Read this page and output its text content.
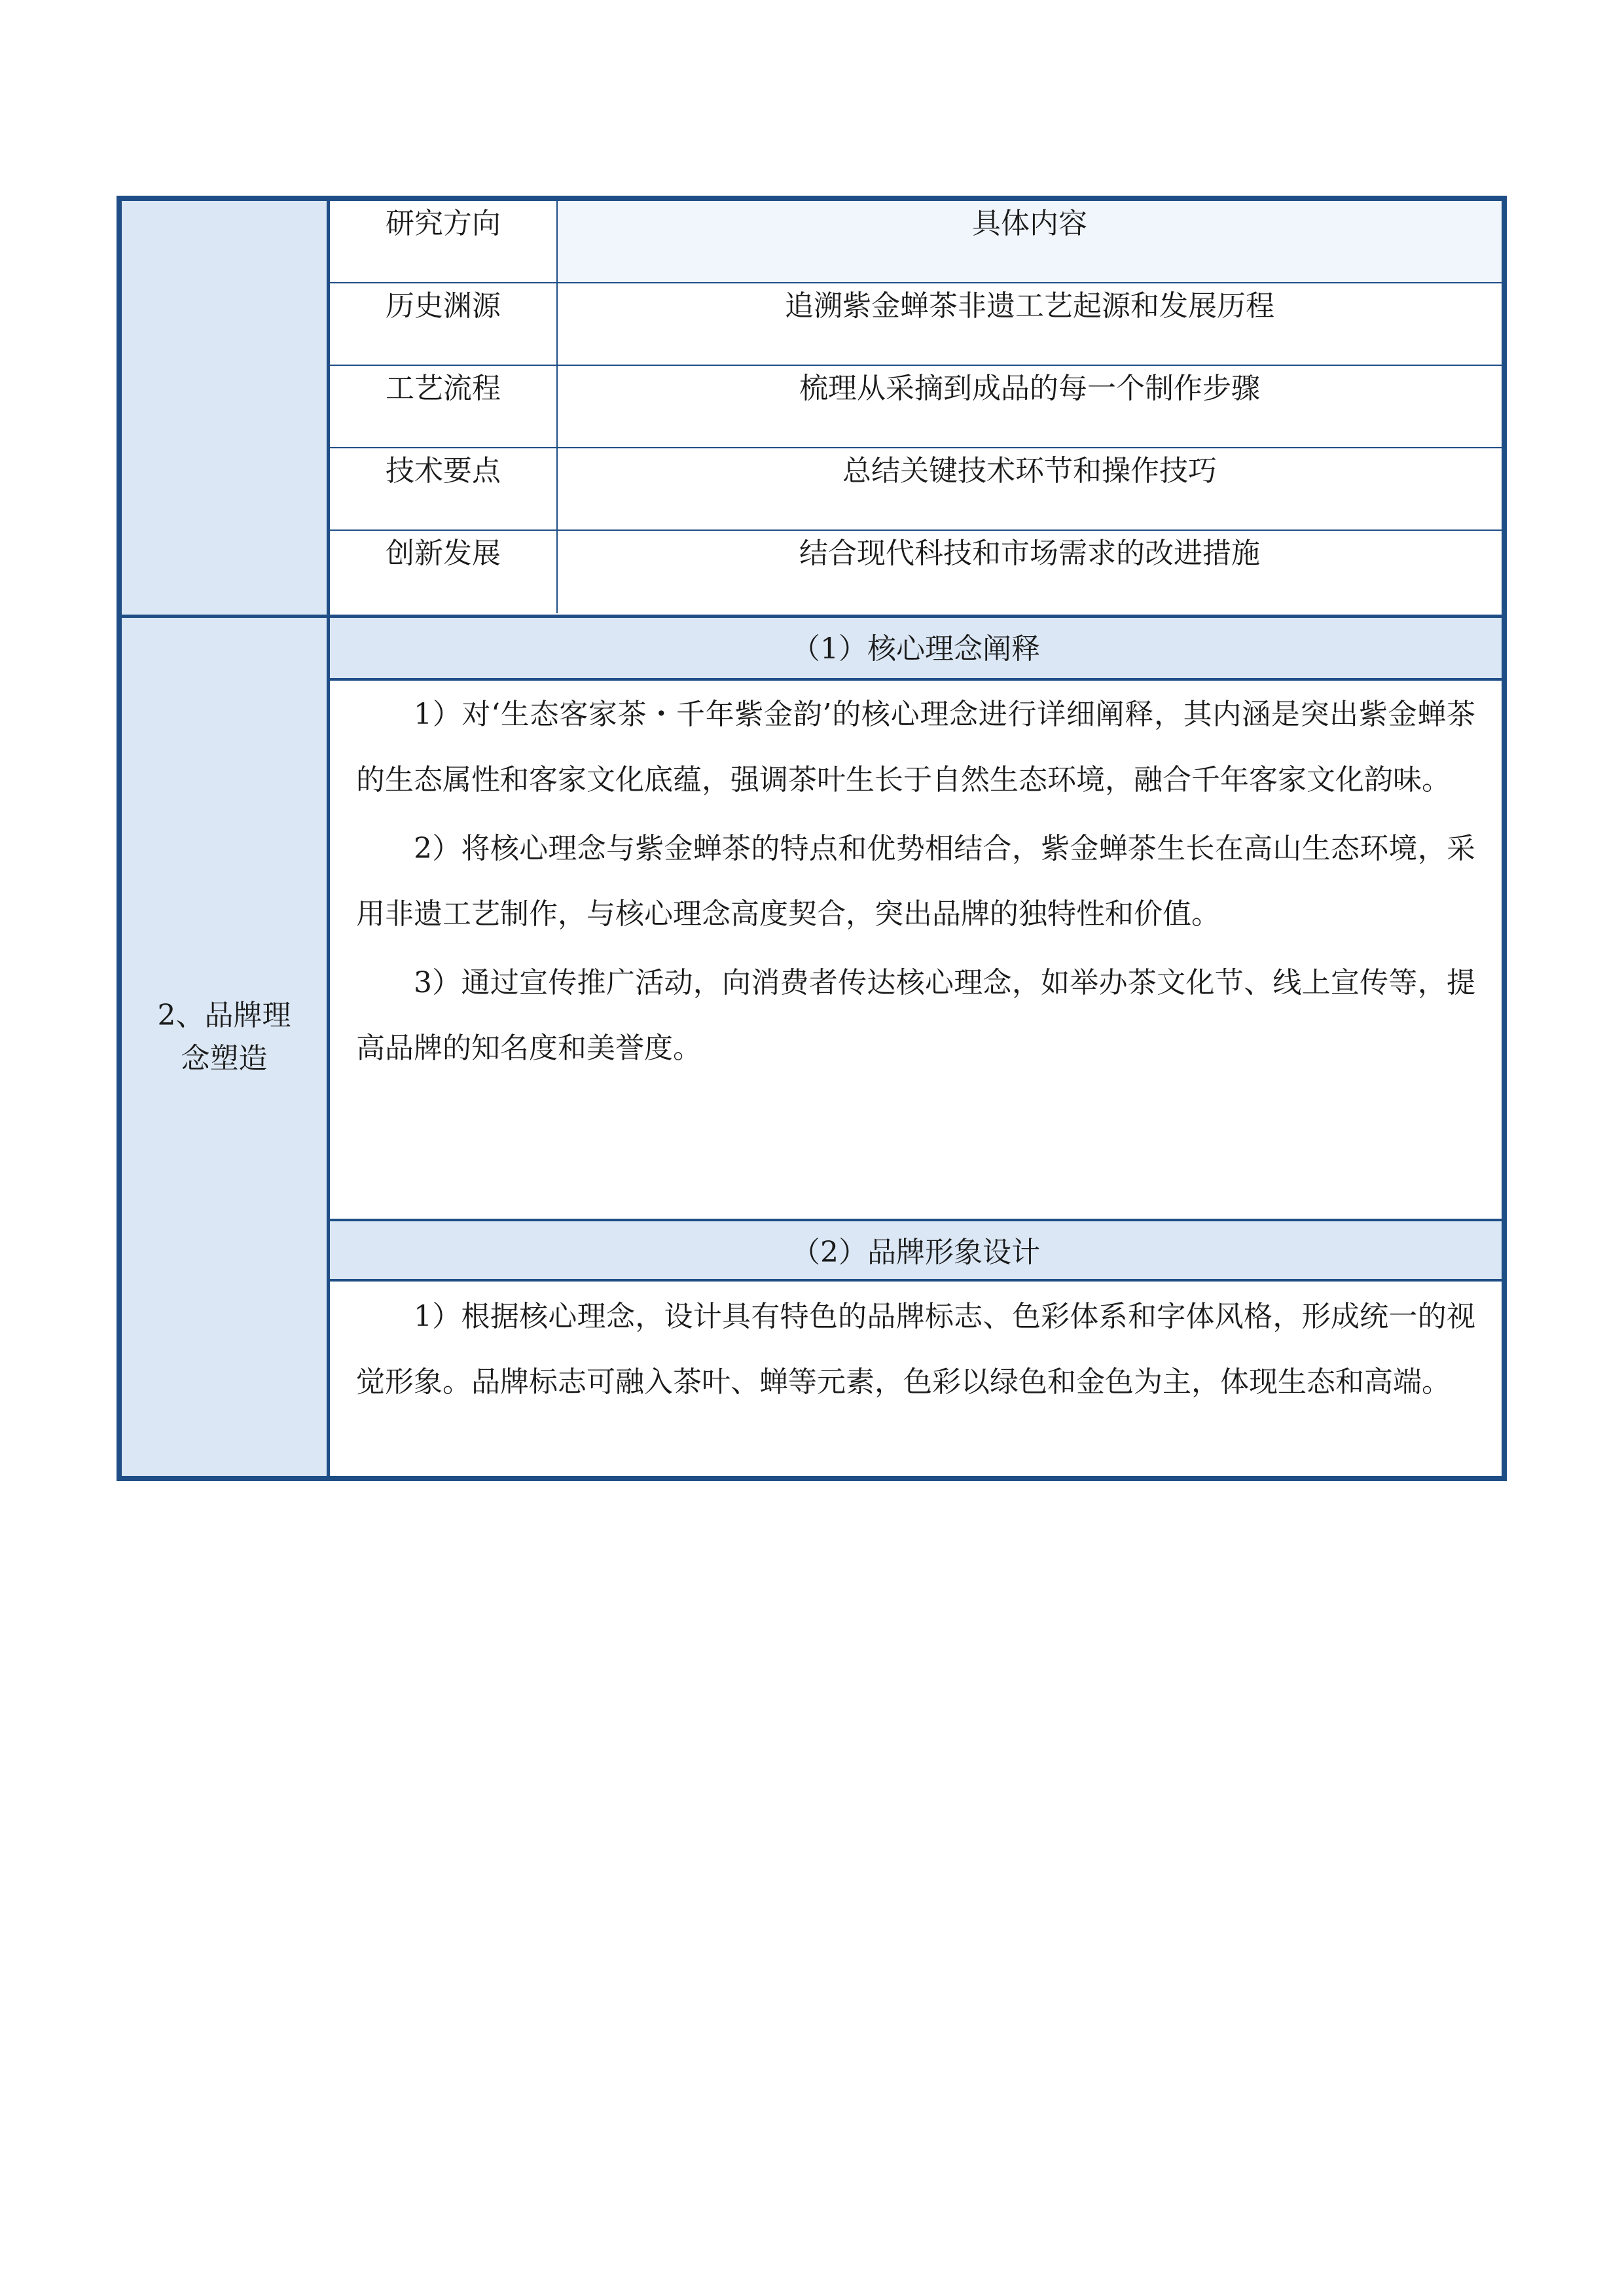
2、品牌理
念塑造
研究方向	具体内容
历史渊源	追溯紫金蝉茶非遗工艺起源和发展历程
工艺流程	梳理从采摘到成品的每一个制作步骤
技术要点	总结关键技术环节和操作技巧
创新发展	结合现代科技和市场需求的改进措施
（1）核心理念阐释

1）对‘生态客家茶・千年紫金韵’的核心理念进行详细阐释，其内涵是突出紫金蝉茶的生态属性和客家文化底蕴，强调茶叶生长于自然生态环境，融合千年客家文化韵味。

2）将核心理念与紫金蝉茶的特点和优势相结合，紫金蝉茶生长在高山生态环境，采用非遗工艺制作，与核心理念高度契合，突出品牌的独特性和价值。

3）通过宣传推广活动，向消费者传达核心理念，如举办茶文化节、线上宣传等，提高品牌的知名度和美誉度。

（2）品牌形象设计

1）根据核心理念，设计具有特色的品牌标志、色彩体系和字体风格，形成统一的视觉形象。品牌标志可融入茶叶、蝉等元素，色彩以绿色和金色为主，体现生态和高端。
